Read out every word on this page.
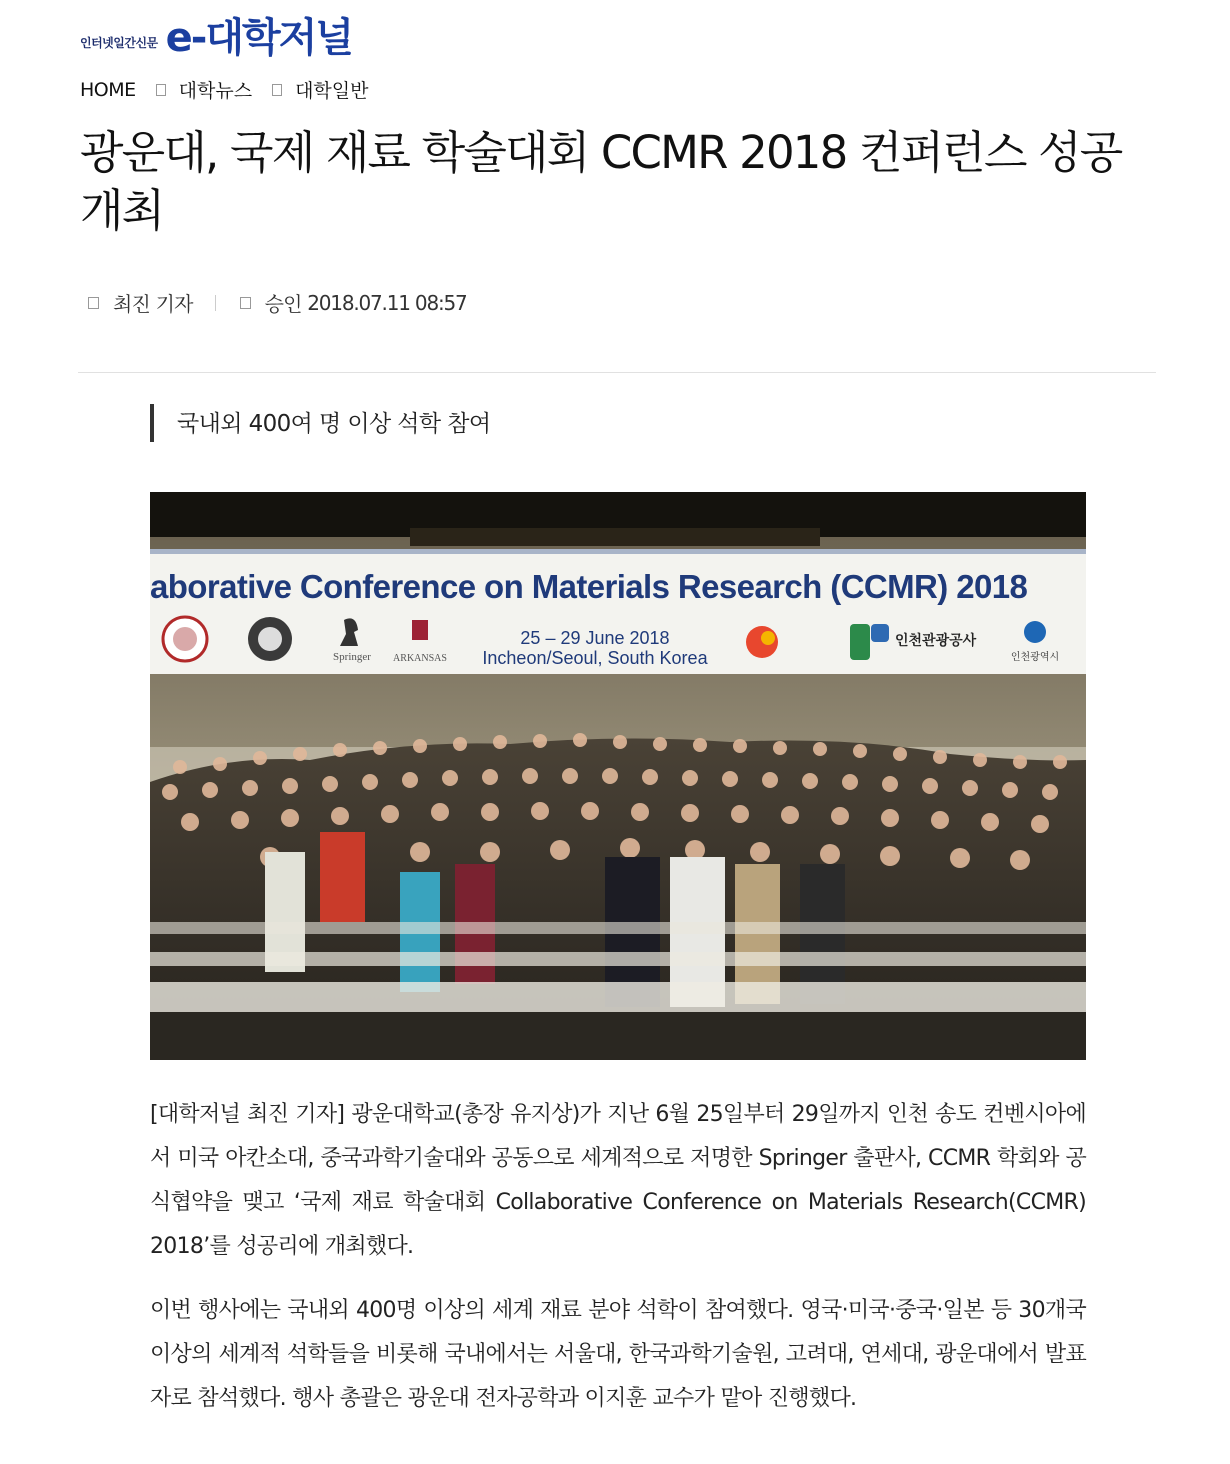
인터넷일간신문 e-대학저널
HOME 대학뉴스 대학일반
광운대, 국제 재료 학술대회 CCMR 2018 컨퍼런스 성공 개최
최진 기자	승인
2018.07.11 08:57
국내외 400여 명 이상 석학 참여
aborative Conference on Materials Research (CCMR) 2018
25 – 29 June 2018
Incheon/Seoul, South Korea
Springer ARKANSAS
인천관광공사
인천광역시

[대학저널 최진 기자] 광운대학교(총장 유지상)가 지난 6월 25일부터 29일까지 인천 송도 컨벤시아에서 미국 아칸소대, 중국과학기술대와 공동으로 세계적으로 저명한 Springer 출판사, CCMR 학회와 공식협약을 맺고 ‘국제 재료 학술대회 Collaborative Conference on Materials Research(CCMR) 2018’를 성공리에 개최했다.

이번 행사에는 국내외 400명 이상의 세계 재료 분야 석학이 참여했다. 영국·미국·중국·일본 등 30개국 이상의 세계적 석학들을 비롯해 국내에서는 서울대, 한국과학기술원, 고려대, 연세대, 광운대에서 발표자로 참석했다. 행사 총괄은 광운대 전자공학과 이지훈 교수가 맡아 진행했다.
